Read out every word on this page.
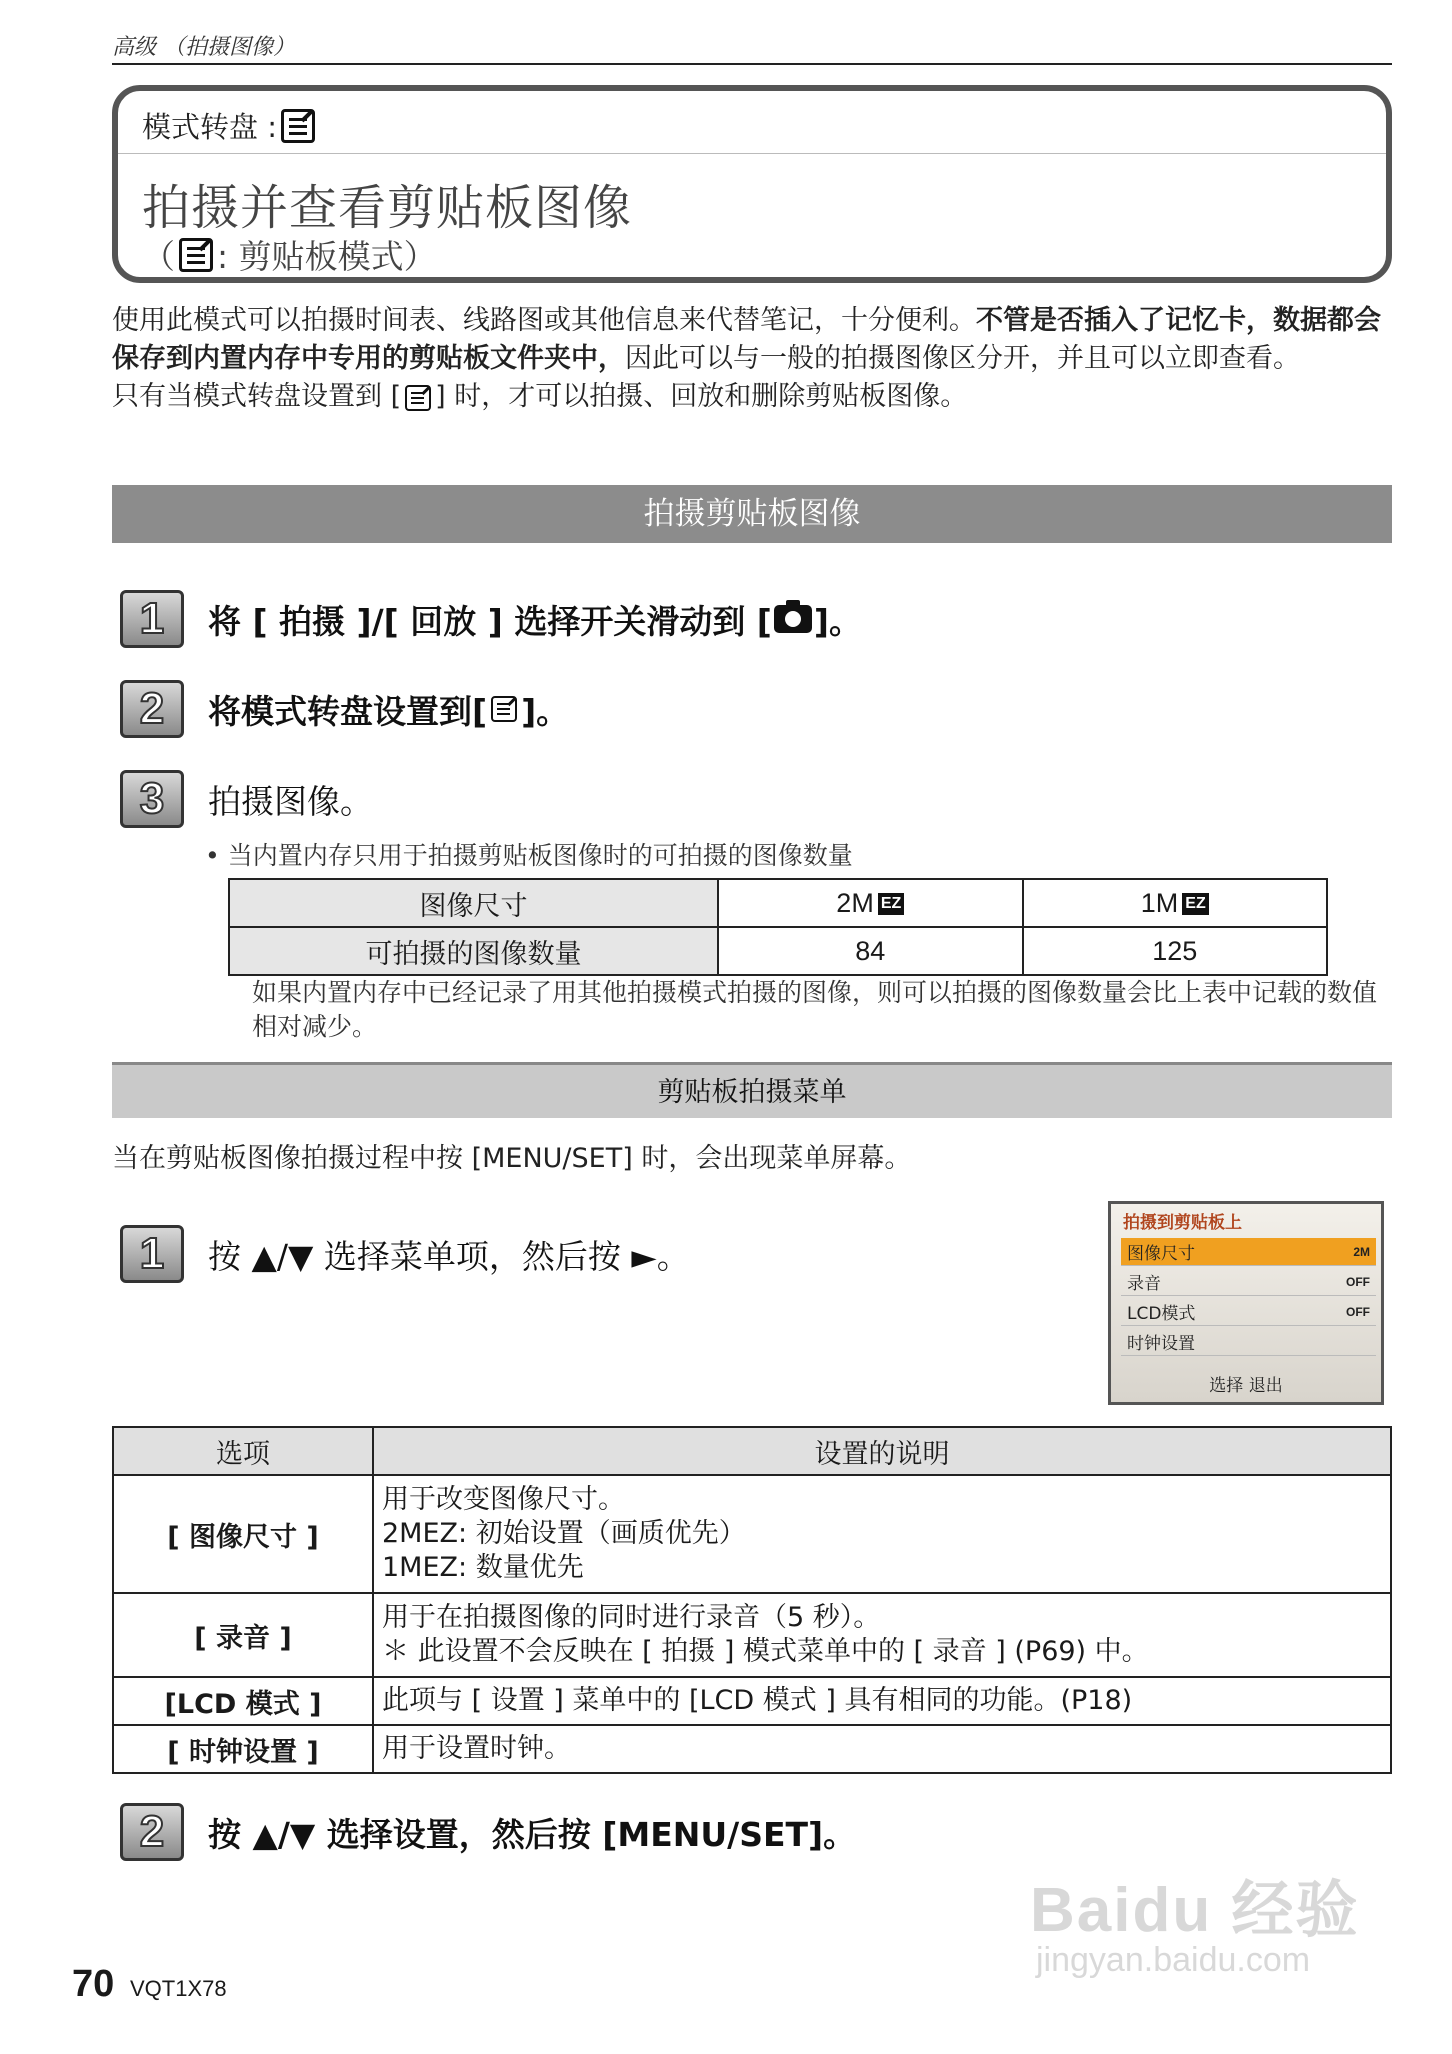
高级 （拍摄图像）
模式转盘 :
拍摄并查看剪贴板图像
（ : 剪贴板模式）

使用此模式可以拍摄时间表、线路图或其他信息来代替笔记，十分便利。不管是否插入了记忆卡，数据都会保存到内置内存中专用的剪贴板文件夹中，因此可以与一般的拍摄图像区分开，并且可以立即查看。

只有当模式转盘设置到 [ ] 时，才可以拍摄、回放和删除剪贴板图像。

拍摄剪贴板图像
1	将 [ 拍摄 ]/[ 回放 ] 选择开关滑动到 [ ]。
2	将模式转盘设置到[ ]。
3	拍摄图像。
• 当内置内存只用于拍摄剪贴板图像时的可拍摄的图像数量
图像尺寸	2M EZ	1M EZ
可拍摄的图像数量	84	125
如果内置内存中已经记录了用其他拍摄模式拍摄的图像，则可以拍摄的图像数量会比上表中记载的数值相对减少。
剪贴板拍摄菜单
当在剪贴板图像拍摄过程中按 [MENU/SET] 时，会出现菜单屏幕。
1	按 ▲/▼ 选择菜单项，然后按 ►。
拍摄到剪贴板上
图像尺寸	2M
录音	OFF
LCD模式	OFF
时钟设置
选择 退出
选项	设置的说明
[ 图像尺寸 ]	用于改变图像尺寸。
2MEZ: 初始设置（画质优先）
1MEZ: 数量优先

[ 录音 ]	用于在拍摄图像的同时进行录音（5 秒）。
＊ 此设置不会反映在 [ 拍摄 ] 模式菜单中的 [ 录音 ] (P69) 中。

[LCD 模式 ]	此项与 [ 设置 ] 菜单中的 [LCD 模式 ] 具有相同的功能。(P18)

[ 时钟设置 ]	用于设置时钟。
2	按 ▲/▼ 选择设置，然后按 [MENU/SET]。
70 VQT1X78
Baidu 经验
jingyan.baidu.com
